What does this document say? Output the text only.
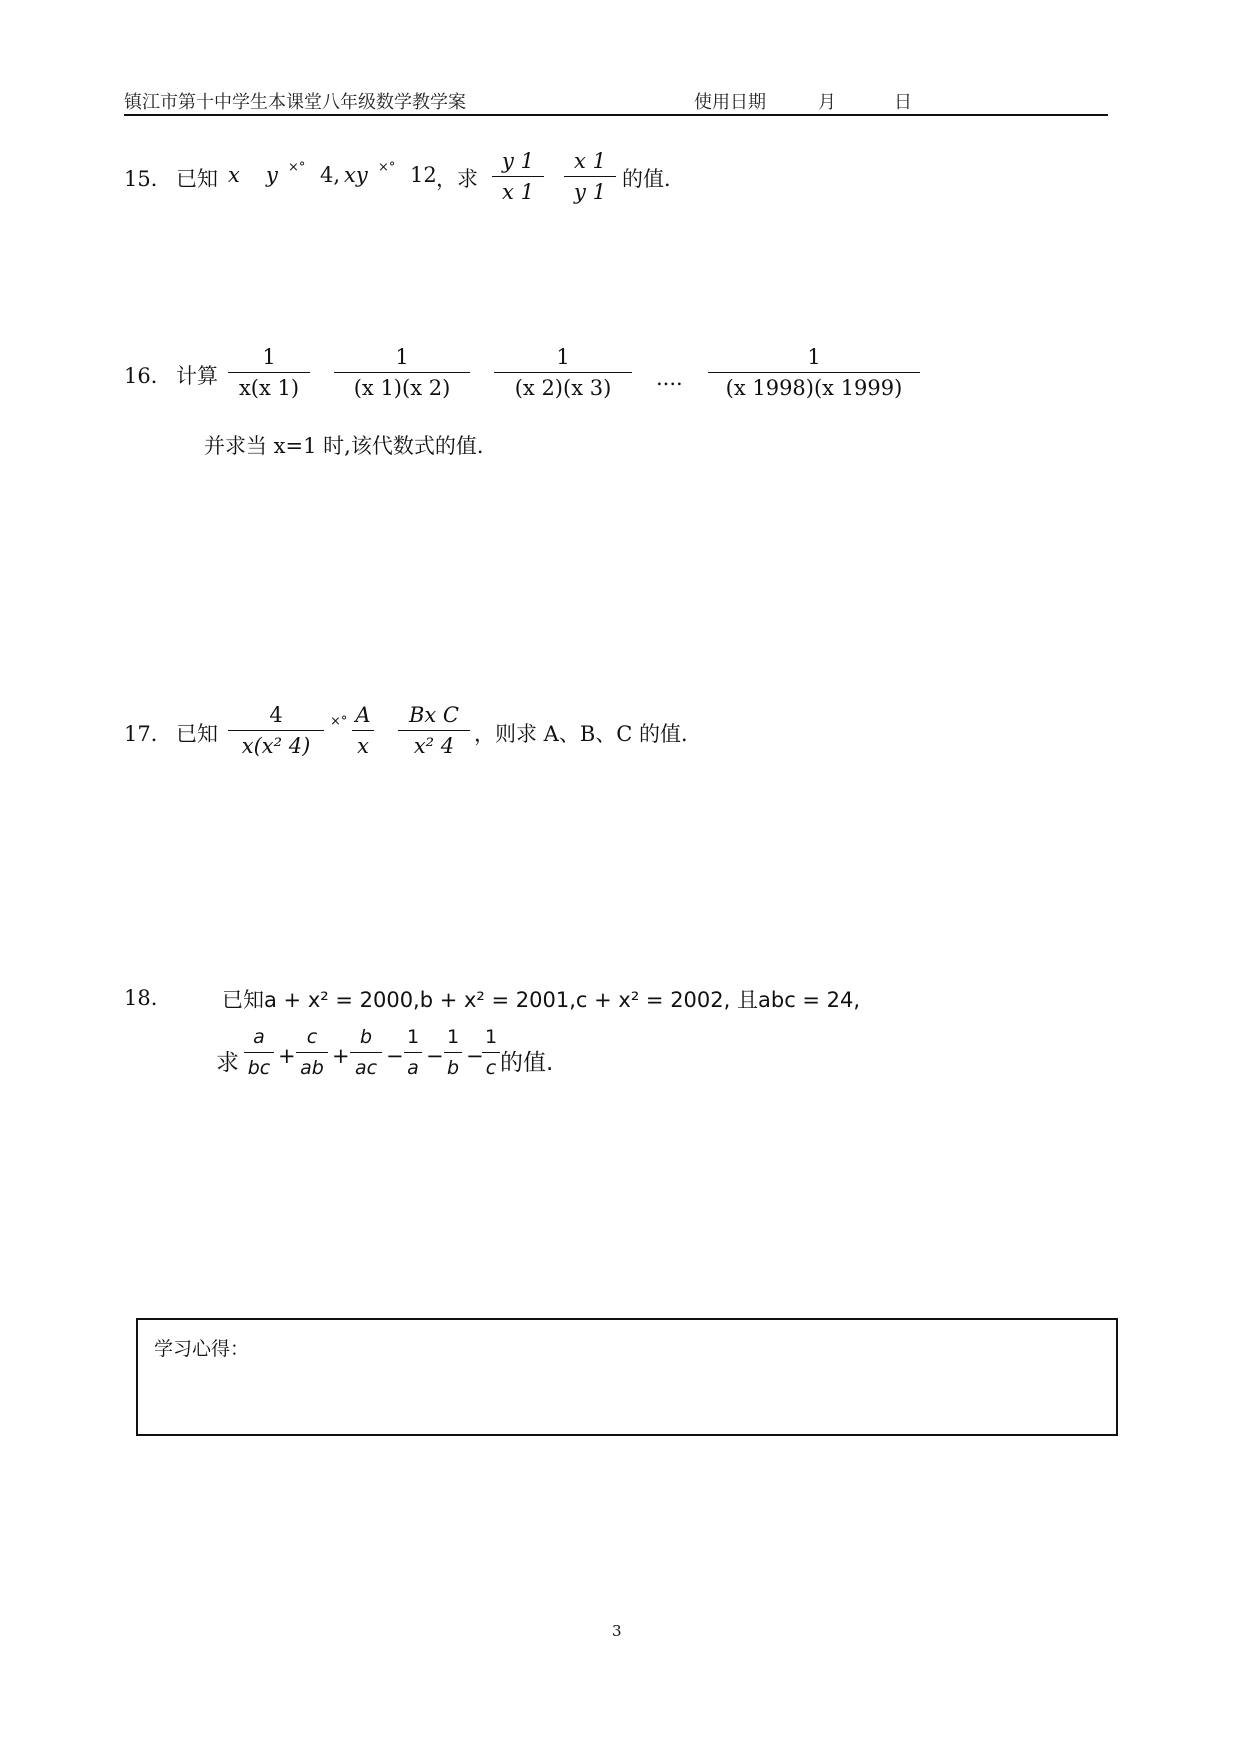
镇江市第十中学生本课堂八年级数学教学案	使用日期	月	日
15． 已知 x y ×° 4, xy ×° 12 ，求
y 1
x 1
x 1
y 1
的值．
16． 计算
1
x(x 1)
1
(x 1)(x 2)
1
(x 2)(x 3)	....
1
(x 1998)(x 1999)
并求当 x=1 时,该代数式的值．
17． 已知
4
x(x² 4)
×° A
x
Bx C
x² 4 ，则求 A、B、C 的值．
18.	已知a + x² = 2000,b + x² = 2001,c + x² = 2002, 且abc = 24,
求
a
bc +
c
ab +
b
ac −
1
a −
1
b −
1
c 的值.
学习心得：
3
